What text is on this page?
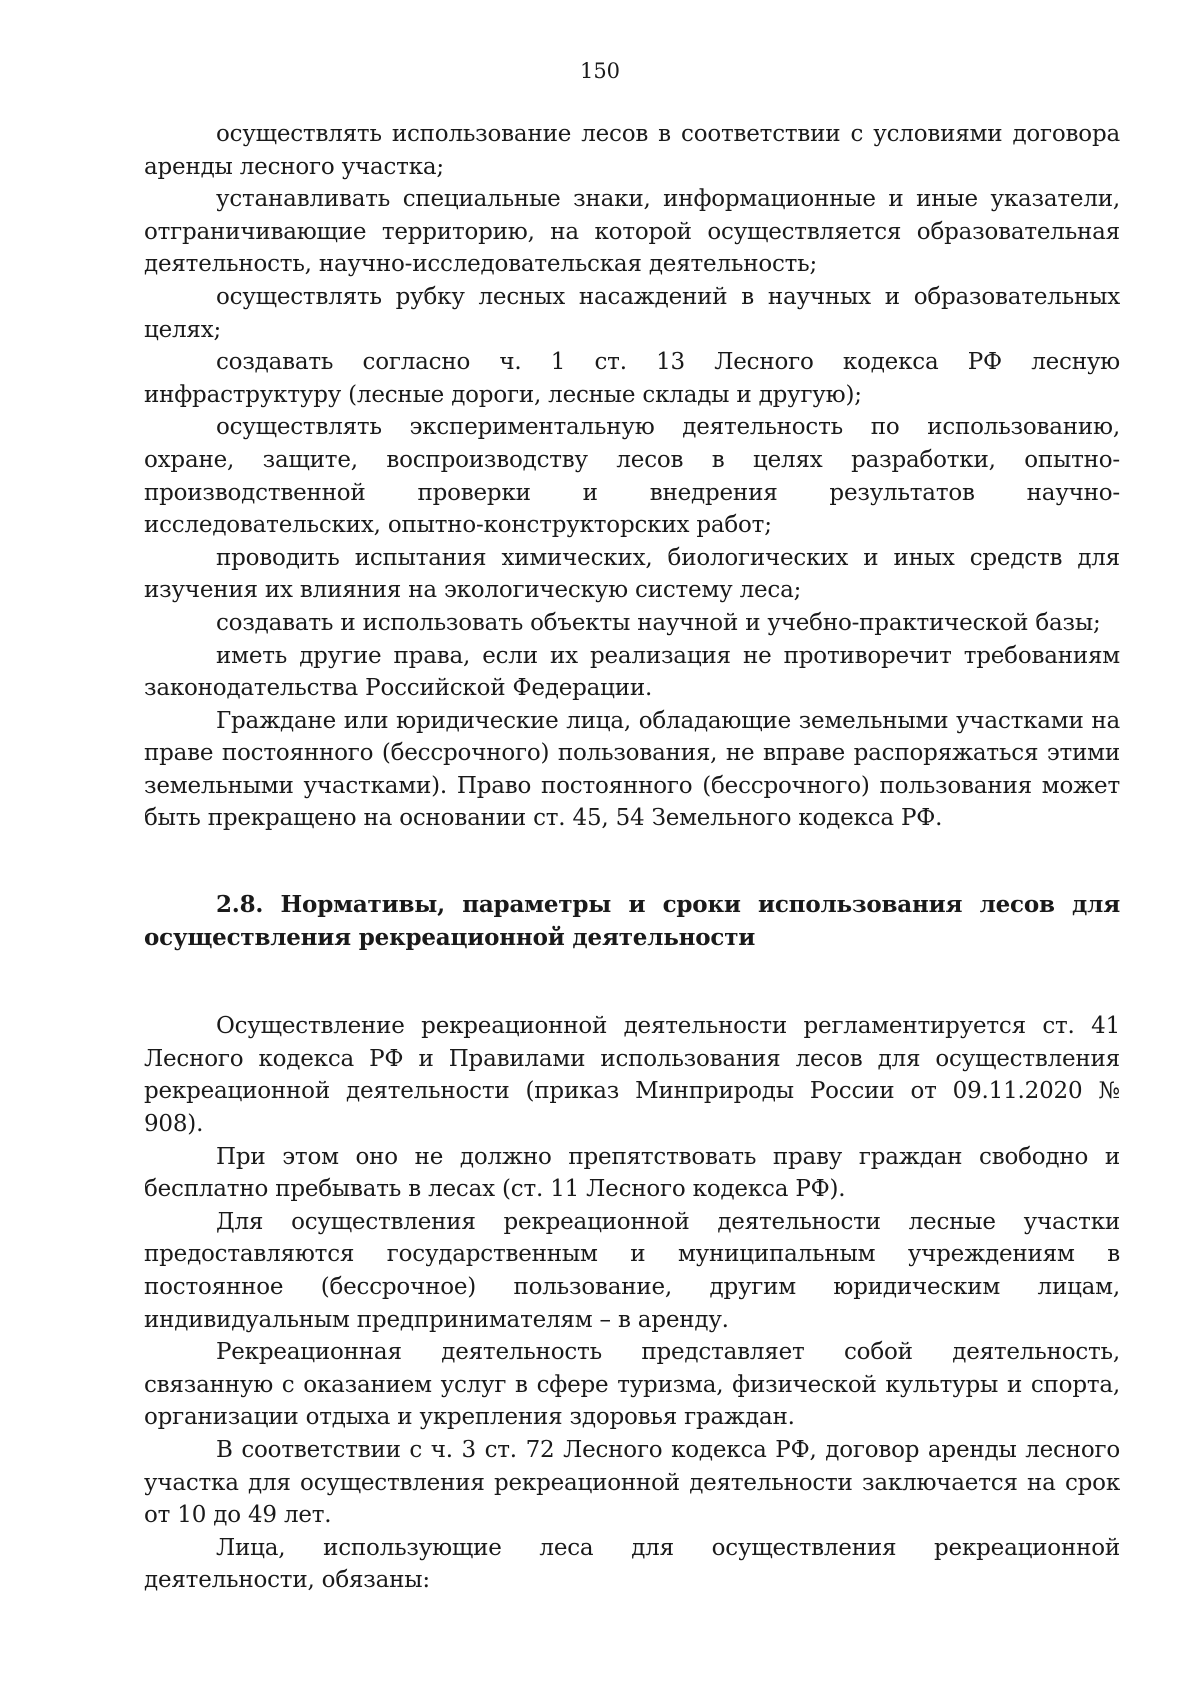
150

осуществлять использование лесов в соответствии с условиями договора аренды лесного участка;

устанавливать специальные знаки, информационные и иные указатели, отграничивающие территорию, на которой осуществляется образовательная деятельность, научно-исследовательская деятельность;

осуществлять рубку лесных насаждений в научных и образовательных целях;

создавать согласно ч. 1 ст. 13 Лесного кодекса РФ лесную инфраструктуру (лесные дороги, лесные склады и другую);

осуществлять экспериментальную деятельность по использованию, охране, защите, воспроизводству лесов в целях разработки, опытно-производственной проверки и внедрения результатов научно-исследовательских, опытно-конструкторских работ;

проводить испытания химических, биологических и иных средств для изучения их влияния на экологическую систему леса;

создавать и использовать объекты научной и учебно-практической базы;

иметь другие права, если их реализация не противоречит требованиям законодательства Российской Федерации.

Граждане или юридические лица, обладающие земельными участками на праве постоянного (бессрочного) пользования, не вправе распоряжаться этими земельными участками). Право постоянного (бессрочного) пользования может быть прекращено на основании ст. 45, 54 Земельного кодекса РФ.

2.8. Нормативы, параметры и сроки использования лесов для осуществления рекреационной деятельности

Осуществление рекреационной деятельности регламентируется ст. 41 Лесного кодекса РФ и Правилами использования лесов для осуществления рекреационной деятельности (приказ Минприроды России от 09.11.2020 № 908).

При этом оно не должно препятствовать праву граждан свободно и бесплатно пребывать в лесах (ст. 11 Лесного кодекса РФ).

Для осуществления рекреационной деятельности лесные участки предоставляются государственным и муниципальным учреждениям в постоянное (бессрочное) пользование, другим юридическим лицам, индивидуальным предпринимателям – в аренду.

Рекреационная деятельность представляет собой деятельность, связанную с оказанием услуг в сфере туризма, физической культуры и спорта, организации отдыха и укрепления здоровья граждан.

В соответствии с ч. 3 ст. 72 Лесного кодекса РФ, договор аренды лесного участка для осуществления рекреационной деятельности заключается на срок от 10 до 49 лет.

Лица, использующие леса для осуществления рекреационной деятельности, обязаны:
